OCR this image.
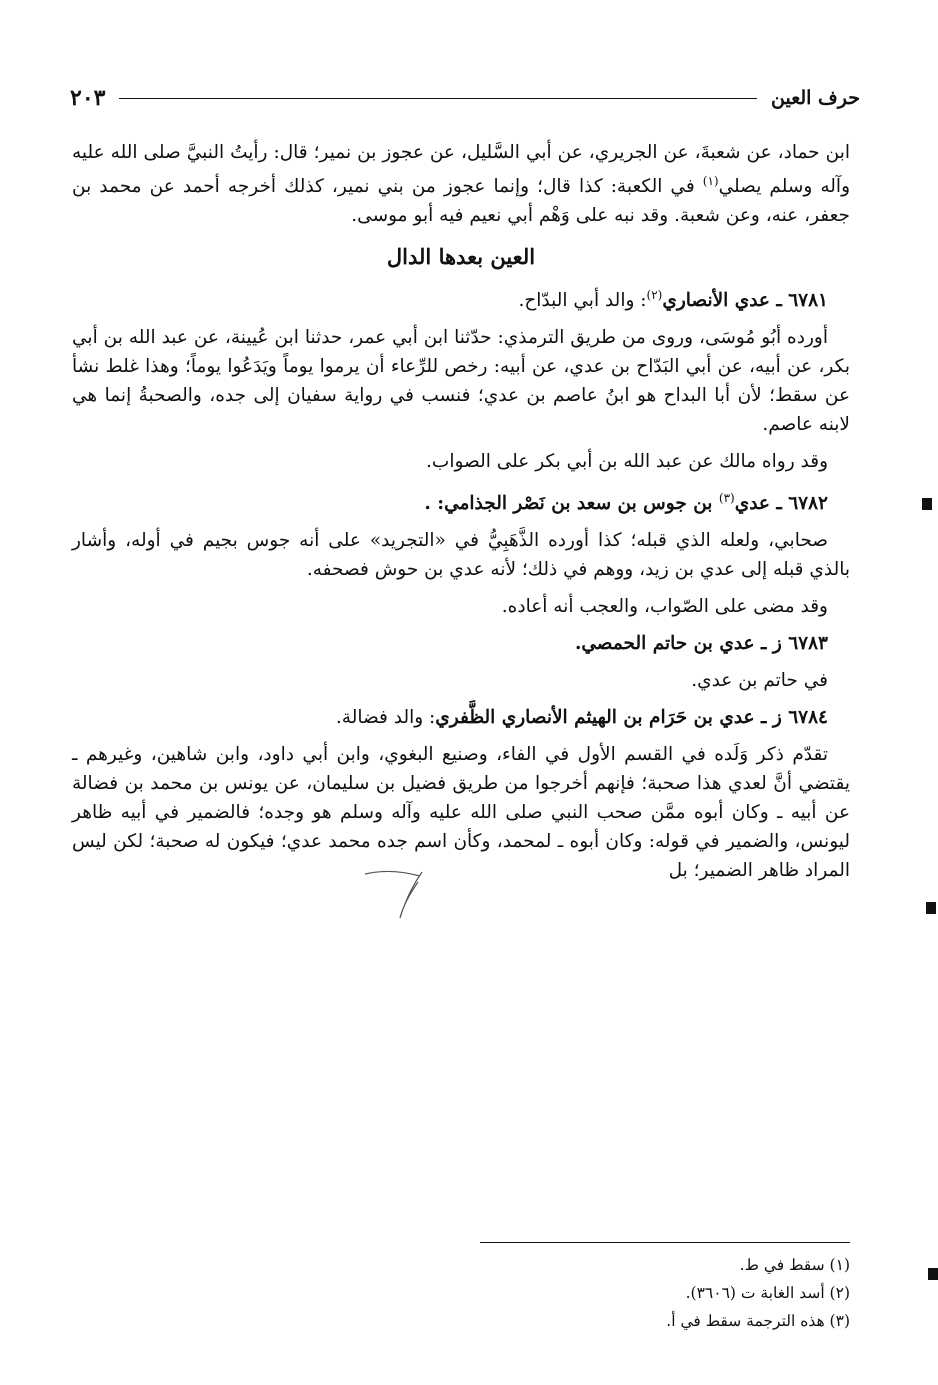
حرف العين
٢٠٣

ابن حماد، عن شعبةَ، عن الجريري، عن أبي السَّليل، عن عجوز بن نمير؛ قال: رأيتُ النبيَّ صلى الله عليه وآله وسلم يصلي$^{(١)}$ في الكعبة: كذا قال؛ وإنما عجوز من بني نمير، كذلك أخرجه أحمد عن محمد بن جعفر، عنه، وعن شعبة. وقد نبه على وَهْم أبي نعيم فيه أبو موسى.

العين بعدها الدال

٦٧٨١ ـ عدي الأنصاري$^{(٢)}$: والد أبي البدّاح.

أورده أبُو مُوسَى، وروى من طريق الترمذي: حدّثنا ابن أبي عمر، حدثنا ابن عُيينة، عن عبد الله بن أبي بكر، عن أبيه، عن أبي البَدّاح بن عدي، عن أبيه: رخص للرِّعاء أن يرموا يوماً ويَدَعُوا يوماً؛ وهذا غلط نشأ عن سقط؛ لأن أبا البداح هو ابنُ عاصم بن عدي؛ فنسب في رواية سفيان إلى جده، والصحبةُ إنما هي لابنه عاصم.

وقد رواه مالك عن عبد الله بن أبي بكر على الصواب.

٦٧٨٢ ـ عدي$^{(٣)}$ بن جوس بن سعد بن نَصْر الجذامي: .

صحابي، ولعله الذي قبله؛ كذا أورده الذَّهَبِيُّ في «التجريد» على أنه جوس بجيم في أوله، وأشار بالذي قبله إلى عدي بن زيد، ووهم في ذلك؛ لأنه عدي بن حوش فصحفه.

وقد مضى على الصّواب، والعجب أنه أعاده.

٦٧٨٣ ز ـ عدي بن حاتم الحمصي.

في حاتم بن عدي.

٦٧٨٤ ز ـ عدي بن حَرَام بن الهيثم الأنصاري الظَّفري: والد فضالة.

تقدّم ذكر وَلَده في القسم الأول في الفاء، وصنيع البغوي، وابن أبي داود، وابن شاهين، وغيرهم ـ يقتضي أنَّ لعدي هذا صحبة؛ فإنهم أخرجوا من طريق فضيل بن سليمان، عن يونس بن محمد بن فضالة عن أبيه ـ وكان أبوه ممَّن صحب النبي صلى الله عليه وآله وسلم هو وجده؛ فالضمير في أبيه ظاهر ليونس، والضمير في قوله: وكان أبوه ـ لمحمد، وكأن اسم جده محمد عدي؛ فيكون له صحبة؛ لكن ليس المراد ظاهر الضمير؛ بل

(١) سقط في ط.
(٢) أسد الغابة ت (٣٦٠٦).
(٣) هذه الترجمة سقط في أ.
